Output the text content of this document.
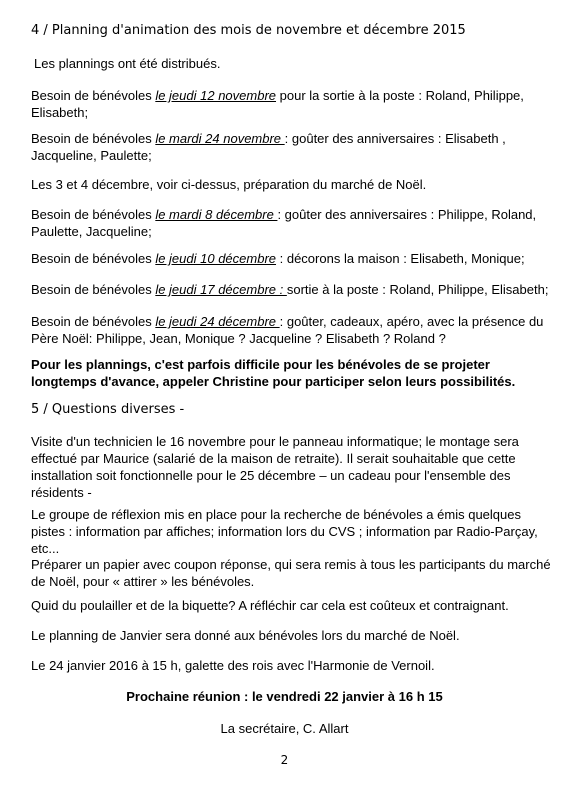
4 / Planning d'animation des mois de novembre et décembre 2015

Les plannings ont été distribués.

Besoin de bénévoles le jeudi 12 novembre pour la sortie à la poste : Roland, Philippe, Elisabeth;

Besoin de bénévoles le mardi 24 novembre : goûter des anniversaires : Elisabeth , Jacqueline, Paulette;

Les 3 et 4 décembre, voir ci-dessus, préparation du marché de Noël.

Besoin de bénévoles le mardi 8 décembre : goûter des anniversaires : Philippe, Roland, Paulette, Jacqueline;

Besoin de bénévoles le jeudi 10 décembre : décorons la maison : Elisabeth, Monique;

Besoin de bénévoles le jeudi 17 décembre : sortie à la poste : Roland, Philippe, Elisabeth;

Besoin de bénévoles le jeudi 24 décembre : goûter, cadeaux, apéro, avec la présence du Père Noël: Philippe, Jean, Monique ? Jacqueline ? Elisabeth ? Roland ?

Pour les plannings, c'est parfois difficile pour les bénévoles de se projeter longtemps d'avance, appeler Christine pour participer selon leurs possibilités.

5 / Questions diverses -

Visite d'un technicien le 16 novembre pour le panneau informatique; le montage sera effectué par Maurice (salarié de la maison de retraite). Il serait souhaitable que cette installation soit fonctionnelle pour le 25 décembre – un cadeau pour l'ensemble des résidents -

Le groupe de réflexion mis en place pour la recherche de bénévoles a émis quelques pistes : information par affiches; information lors du CVS ; information par Radio-Parçay, etc...

Préparer un papier avec coupon réponse, qui sera remis à tous les participants du marché de Noël, pour « attirer » les bénévoles.

Quid du poulailler et de la biquette? A réfléchir car cela est coûteux et contraignant.

Le planning de Janvier sera donné aux bénévoles lors du marché de Noël.

Le 24 janvier 2016 à 15 h, galette des rois avec l'Harmonie de Vernoil.

Prochaine réunion : le vendredi 22 janvier à 16 h 15

La secrétaire, C. Allart

2
